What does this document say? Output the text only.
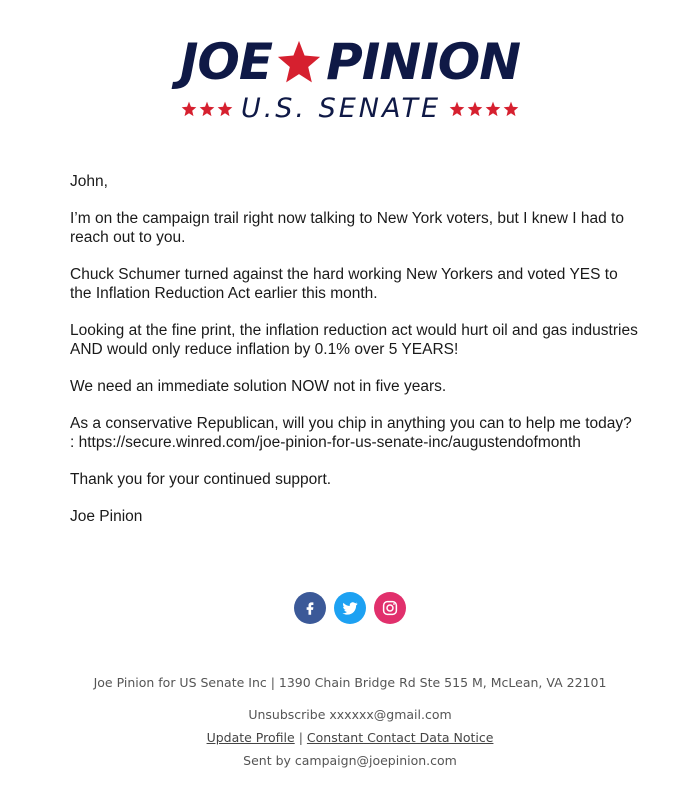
JOE PINION
U.S. SENATE

John,

I’m on the campaign trail right now talking to New York voters, but I knew I had to reach out to you.

Chuck Schumer turned against the hard working New Yorkers and voted YES to the Inflation Reduction Act earlier this month.

Looking at the fine print, the inflation reduction act would hurt oil and gas industries AND would only reduce inflation by 0.1% over 5 YEARS!

We need an immediate solution NOW not in five years.

As a conservative Republican, will you chip in anything you can to help me today? : https://secure.winred.com/joe-pinion-for-us-senate-inc/augustendofmonth

Thank you for your continued support.

Joe Pinion

Joe Pinion for US Senate Inc | 1390 Chain Bridge Rd Ste 515 M, McLean, VA 22101
Unsubscribe xxxxxx@gmail.com
Update Profile | Constant Contact Data Notice
Sent by campaign@joepinion.com
